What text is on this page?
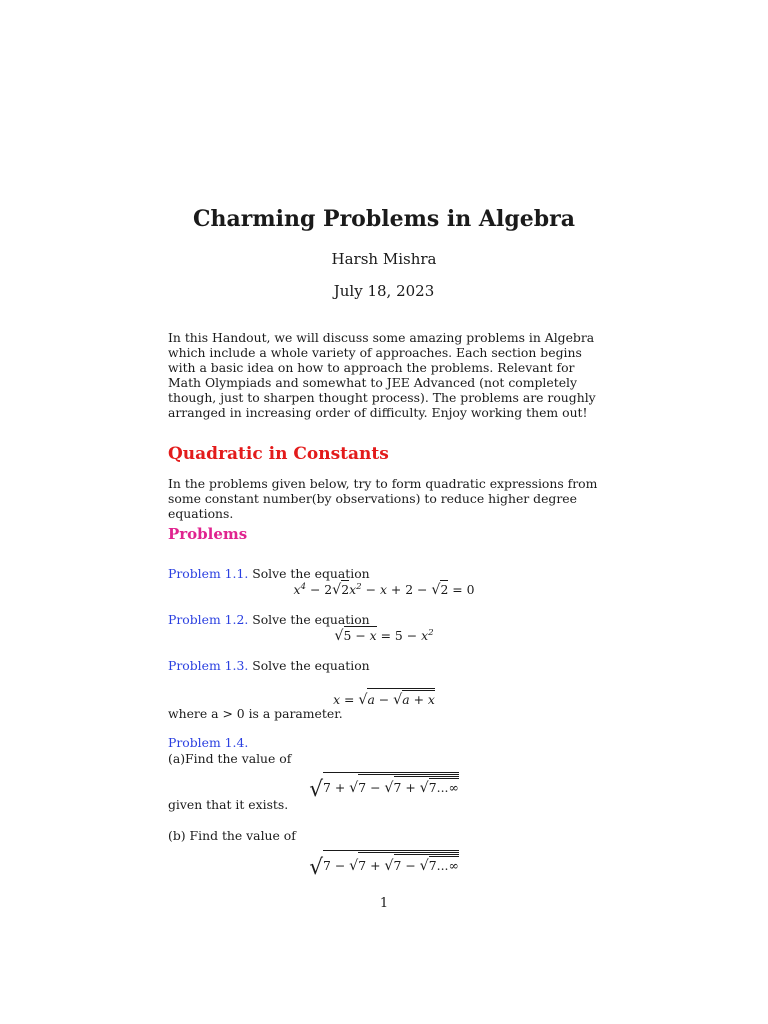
Charming Problems in Algebra
Harsh Mishra
July 18, 2023
In this Handout, we will discuss some amazing problems in Algebra which include a whole variety of approaches. Each section begins with a basic idea on how to approach the problems. Relevant for Math Olympiads and somewhat to JEE Advanced (not completely though, just to sharpen thought process). The problems are roughly arranged in increasing order of difficulty. Enjoy working them out!
Quadratic in Constants
In the problems given below, try to form quadratic expressions from some constant number(by observations) to reduce higher degree equations.
Problems
Problem 1.1. Solve the equation
$x^4 - 2√2x^2 - x + 2 - √2 = 0$
Problem 1.2. Solve the equation
$√5 - x = 5 - x^2$
Problem 1.3. Solve the equation
x = √a − √a + x
where a > 0 is a parameter.
Problem 1.4.
(a)Find the value of
√7 + √7 − √7 + √7...∞
given that it exists.
(b) Find the value of
√7 − √7 + √7 − √7...∞
1
